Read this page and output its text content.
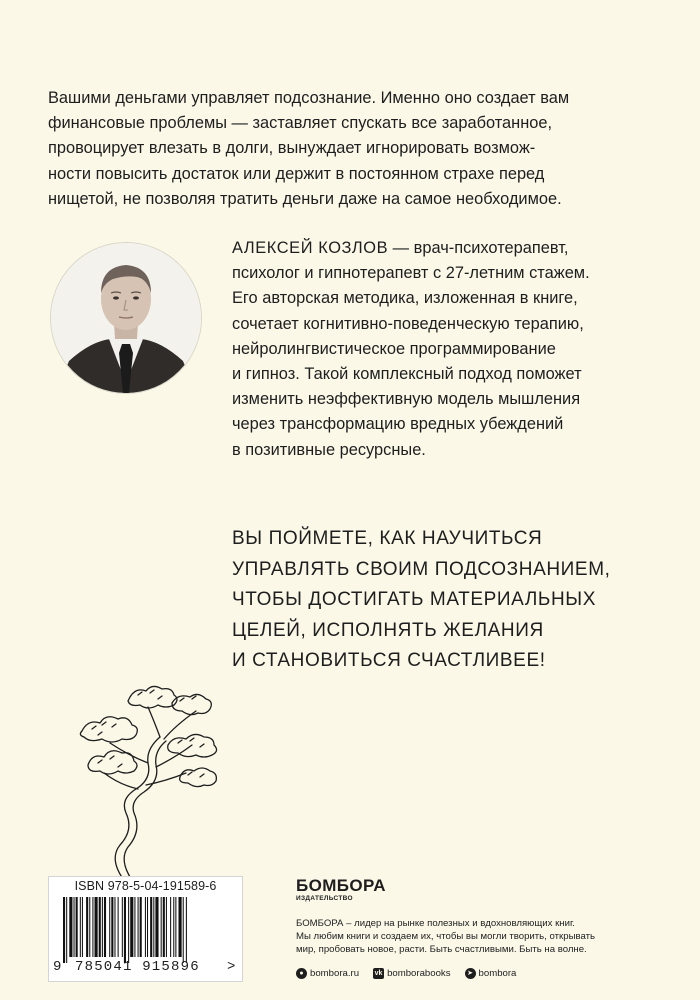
Вашими деньгами управляет подсознание. Именно оно создает вам
финансовые проблемы — заставляет спускать все заработанное,
провоцирует влезать в долги, вынуждает игнорировать возмож-
ности повысить достаток или держит в постоянном страхе перед
нищетой, не позволяя тратить деньги даже на самое необходимое.

АЛЕКСЕЙ КОЗЛОВ — врач-психотерапевт,
психолог и гипнотерапевт с 27-летним стажем.
Его авторская методика, изложенная в книге,
сочетает когнитивно-поведенческую терапию,
нейролингвистическое программирование
и гипноз. Такой комплексный подход поможет
изменить неэффективную модель мышления
через трансформацию вредных убеждений
в позитивные ресурсные.

ВЫ ПОЙМЕТЕ, КАК НАУЧИТЬСЯ
УПРАВЛЯТЬ СВОИМ ПОДСОЗНАНИЕМ,
ЧТОБЫ ДОСТИГАТЬ МАТЕРИАЛЬНЫХ
ЦЕЛЕЙ, ИСПОЛНЯТЬ ЖЕЛАНИЯ
И СТАНОВИТЬСЯ СЧАСТЛИВЕЕ!

ISBN 978-5-04-191589-6
9 785041 915896 >
БОМБОРА
ИЗДАТЕЛЬСТВО

БОМБОРА – лидер на рынке полезных и вдохновляющих книг.
Мы любим книги и создаем их, чтобы вы могли творить, открывать
мир, пробовать новое, расти. Быть счастливыми. Быть на волне.

● bombora.ru vk bomborabooks	➤ bombora
